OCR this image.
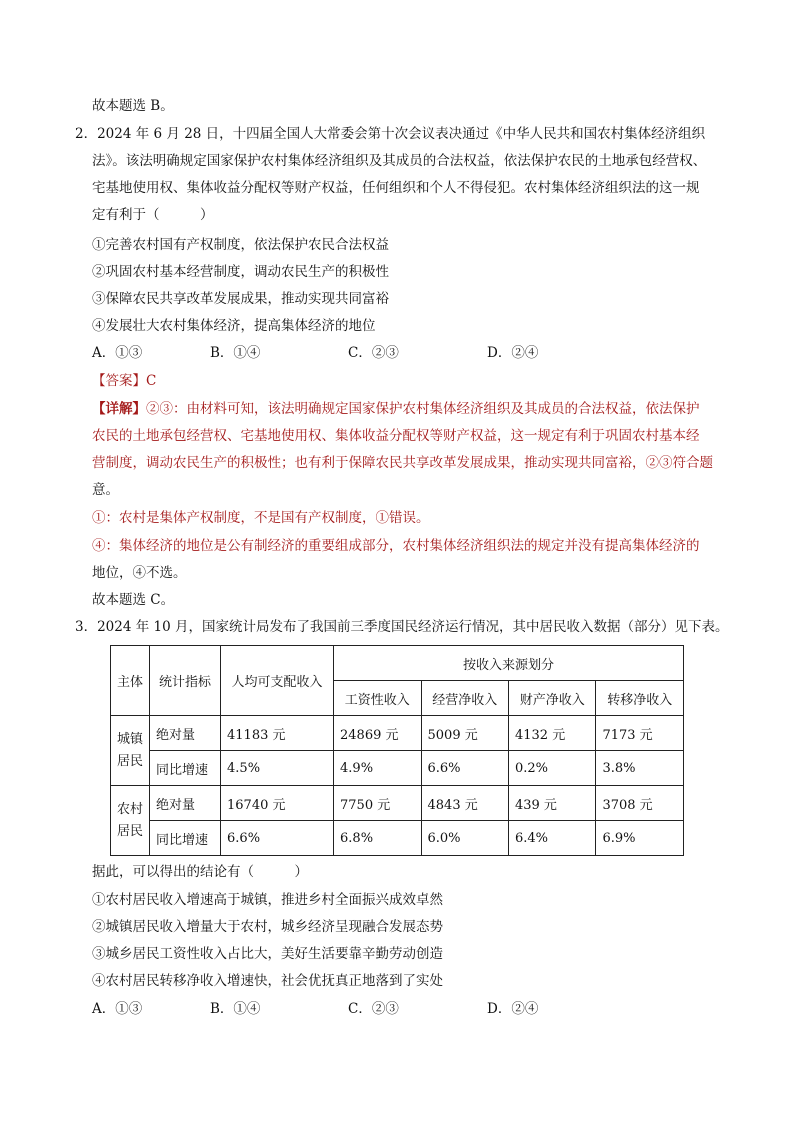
故本题选 B。
2．2024 年 6 月 28 日，十四届全国人大常委会第十次会议表决通过《中华人民共和国农村集体经济组织
法》。该法明确规定国家保护农村集体经济组织及其成员的合法权益，依法保护农民的土地承包经营权、
宅基地使用权、集体收益分配权等财产权益，任何组织和个人不得侵犯。农村集体经济组织法的这一规
定有利于（　　　）
①完善农村国有产权制度，依法保护农民合法权益
②巩固农村基本经营制度，调动农民生产的积极性
③保障农民共享改革发展成果，推动实现共同富裕
④发展壮大农村集体经济，提高集体经济的地位
A．①③	B．①④	C．②③	D．②④
【答案】C
【详解】②③：由材料可知，该法明确规定国家保护农村集体经济组织及其成员的合法权益，依法保护
农民的土地承包经营权、宅基地使用权、集体收益分配权等财产权益，这一规定有利于巩固农村基本经
营制度，调动农民生产的积极性；也有利于保障农民共享改革发展成果，推动实现共同富裕，②③符合题
意。
①：农村是集体产权制度，不是国有产权制度，①错误。
④：集体经济的地位是公有制经济的重要组成部分，农村集体经济组织法的规定并没有提高集体经济的
地位，④不选。
故本题选 C。
3．2024 年 10 月，国家统计局发布了我国前三季度国民经济运行情况，其中居民收入数据（部分）见下表。
主体	统计指标	人均可支配收入	按收入来源划分			
			工资性收入	经营净收入	财产净收入	转移净收入
城镇居民	绝对量	41183 元	24869 元	5009 元	4132 元	7173 元
	同比增速	4.5%	4.9%	6.6%	0.2%	3.8%
农村居民	绝对量	16740 元	7750 元	4843 元	439 元	3708 元
	同比增速	6.6%	6.8%	6.0%	6.4%	6.9%
据此，可以得出的结论有（　　　）
①农村居民收入增速高于城镇，推进乡村全面振兴成效卓然
②城镇居民收入增量大于农村，城乡经济呈现融合发展态势
③城乡居民工资性收入占比大，美好生活要靠辛勤劳动创造
④农村居民转移净收入增速快，社会优抚真正地落到了实处
A．①③	B．①④	C．②③	D．②④
